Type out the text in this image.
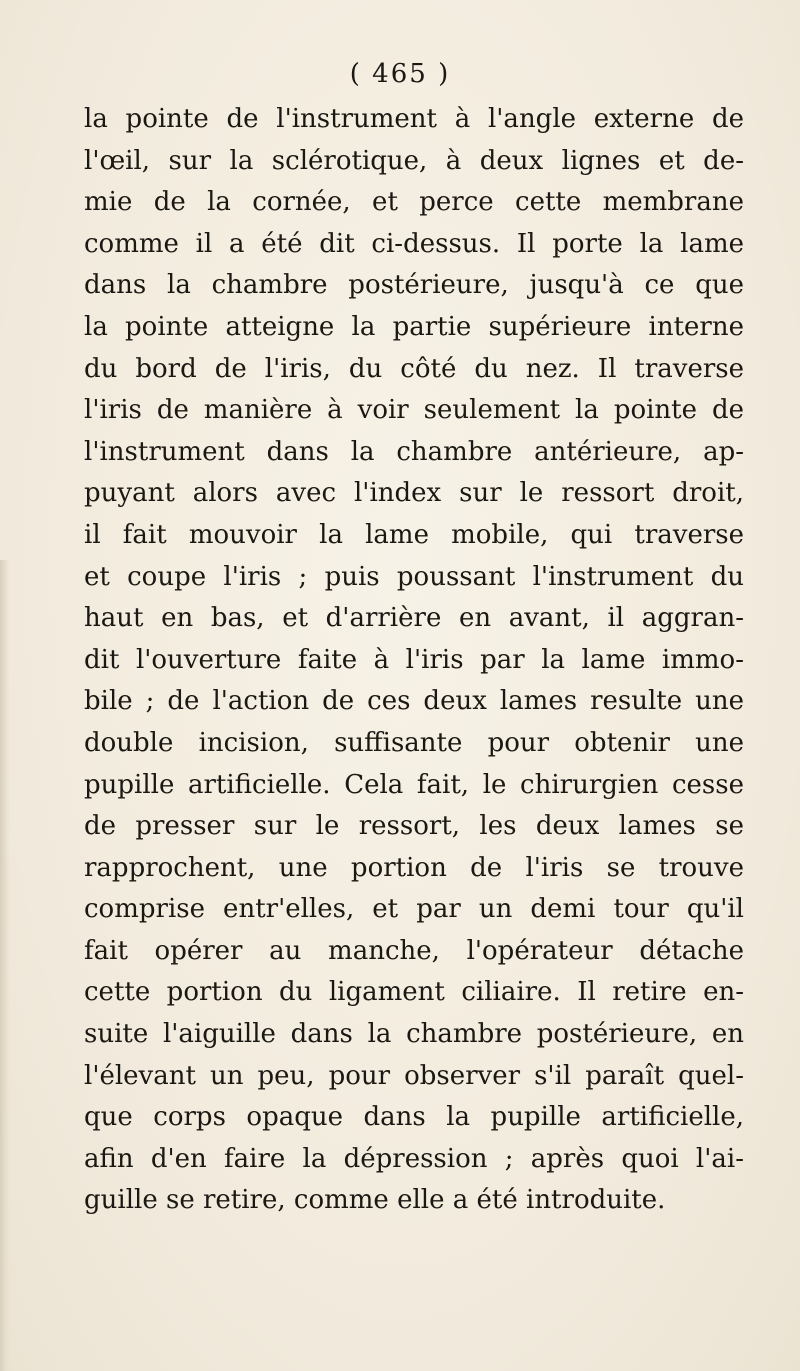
( 465 )
la pointe de l'instrument à l'angle externe de
l'œil, sur la sclérotique, à deux lignes et de-
mie de la cornée, et perce cette membrane
comme il a été dit ci-dessus. Il porte la lame
dans la chambre postérieure, jusqu'à ce que
la pointe atteigne la partie supérieure interne
du bord de l'iris, du côté du nez. Il traverse
l'iris de manière à voir seulement la pointe de
l'instrument dans la chambre antérieure, ap-
puyant alors avec l'index sur le ressort droit,
il fait mouvoir la lame mobile, qui traverse
et coupe l'iris ; puis poussant l'instrument du
haut en bas, et d'arrière en avant, il aggran-
dit l'ouverture faite à l'iris par la lame immo-
bile ; de l'action de ces deux lames resulte une
double incision, suffisante pour obtenir une
pupille artificielle. Cela fait, le chirurgien cesse
de presser sur le ressort, les deux lames se
rapprochent, une portion de l'iris se trouve
comprise entr'elles, et par un demi tour qu'il
fait opérer au manche, l'opérateur détache
cette portion du ligament ciliaire. Il retire en-
suite l'aiguille dans la chambre postérieure, en
l'élevant un peu, pour observer s'il paraît quel-
que corps opaque dans la pupille artificielle,
afin d'en faire la dépression ; après quoi l'ai-
guille se retire, comme elle a été introduite.
